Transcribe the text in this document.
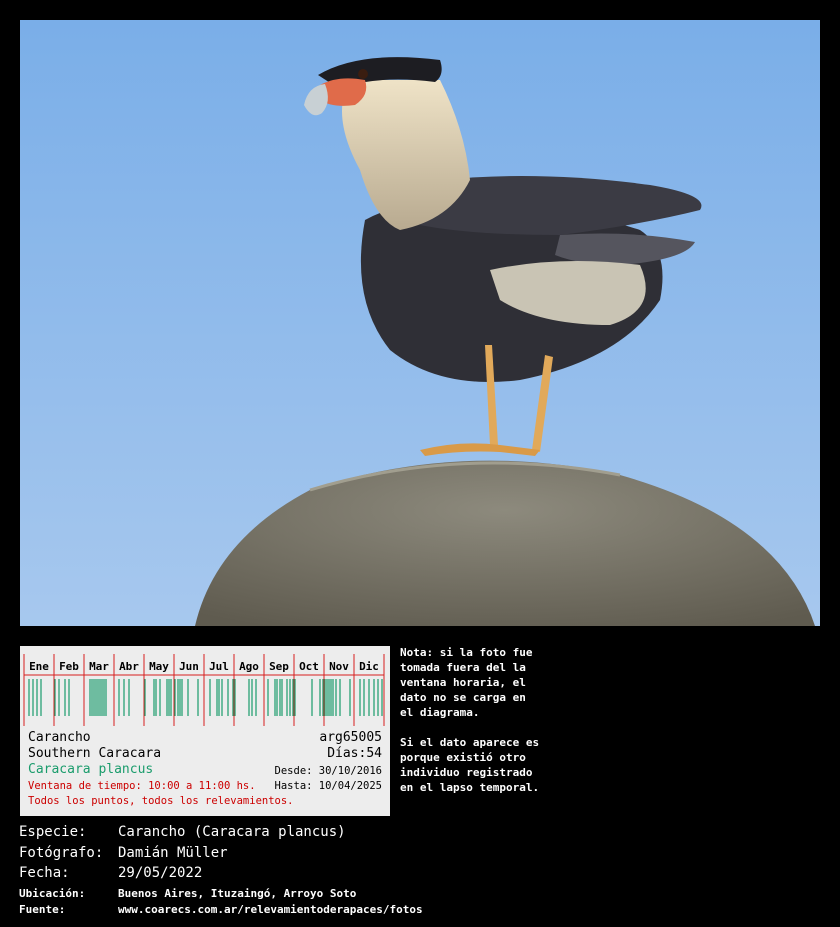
Ene Feb Mar Abr May Jun Jul Ago Sep Oct Nov Dic
Carancho	arg65005
Southern Caracara	Días:54
Caracara plancus	Desde: 30/10/2016
Ventana de tiempo: 10:00 a 11:00 hs. Hasta: 10/04/2025
Todos los puntos, todos los relevamientos.

Nota: si la foto fue
tomada fuera del la
ventana horaria, el
dato no se carga en
el diagrama.

Si el dato aparece es
porque existió otro
individuo registrado
en el lapso temporal.

Especie: Carancho (Caracara plancus)
Fotógrafo: Damián Müller
Fecha:	29/05/2022
Ubicación:	Buenos Aires, Ituzaingó, Arroyo Soto
Fuente:	www.coarecs.com.ar/relevamientoderapaces/fotos
